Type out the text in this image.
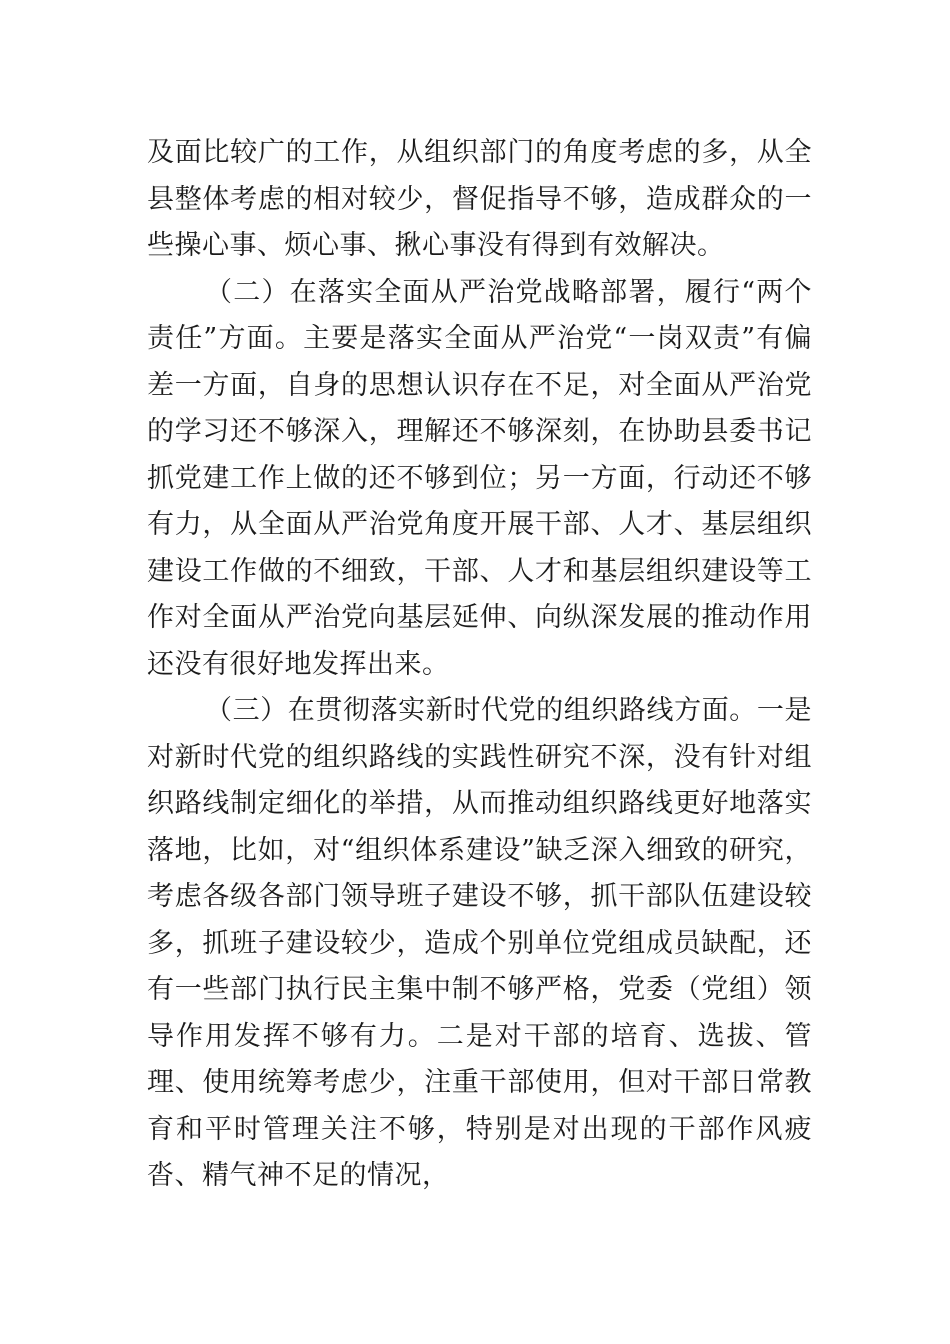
及面比较广的工作，从组织部门的角度考虑的多，从全县整体考虑的相对较少，督促指导不够，造成群众的一些操心事、烦心事、揪心事没有得到有效解决。

（二）在落实全面从严治党战略部署，履行“两个责任”方面。主要是落实全面从严治党“一岗双责”有偏差一方面，自身的思想认识存在不足，对全面从严治党的学习还不够深入，理解还不够深刻，在协助县委书记抓党建工作上做的还不够到位；另一方面，行动还不够有力，从全面从严治党角度开展干部、人才、基层组织建设工作做的不细致，干部、人才和基层组织建设等工作对全面从严治党向基层延伸、向纵深发展的推动作用还没有很好地发挥出来。

（三）在贯彻落实新时代党的组织路线方面。一是对新时代党的组织路线的实践性研究不深，没有针对组织路线制定细化的举措，从而推动组织路线更好地落实落地，比如，对“组织体系建设”缺乏深入细致的研究，考虑各级各部门领导班子建设不够，抓干部队伍建设较多，抓班子建设较少，造成个别单位党组成员缺配，还有一些部门执行民主集中制不够严格，党委（党组）领导作用发挥不够有力。二是对干部的培育、选拔、管理、使用统筹考虑少，注重干部使用，但对干部日常教育和平时管理关注不够，特别是对出现的干部作风疲沓、精气神不足的情况，
